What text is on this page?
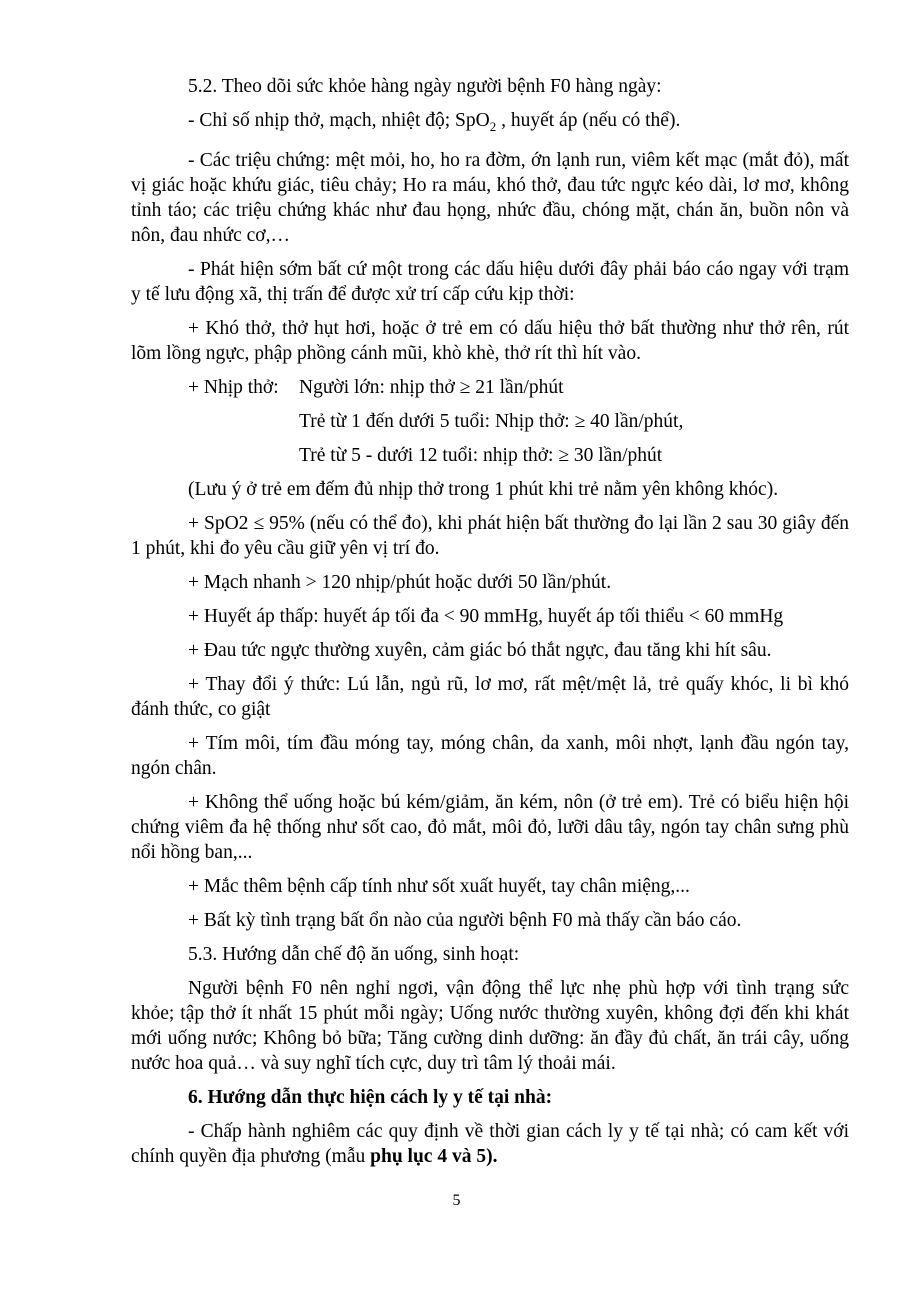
5.2. Theo dõi sức khỏe hàng ngày người bệnh F0 hàng ngày:

- Chỉ số nhịp thở, mạch, nhiệt độ; SpO$_2$ , huyết áp (nếu có thể).

- Các triệu chứng: mệt mỏi, ho, ho ra đờm, ớn lạnh run, viêm kết mạc (mắt đỏ), mất vị giác hoặc khứu giác, tiêu chảy; Ho ra máu, khó thở, đau tức ngực kéo dài, lơ mơ, không tỉnh táo; các triệu chứng khác như đau họng, nhức đầu, chóng mặt, chán ăn, buồn nôn và nôn, đau nhức cơ,…

- Phát hiện sớm bất cứ một trong các dấu hiệu dưới đây phải báo cáo ngay với trạm y tế lưu động xã, thị trấn để được xử trí cấp cứu kịp thời:

+ Khó thở, thở hụt hơi, hoặc ở trẻ em có dấu hiệu thở bất thường như thở rên, rút lõm lồng ngực, phập phồng cánh mũi, khò khè, thở rít thì hít vào.

+ Nhịp thở:	Người lớn: nhịp thở ≥ 21 lần/phút
Trẻ từ 1 đến dưới 5 tuổi: Nhịp thở: ≥ 40 lần/phút,
Trẻ từ 5 - dưới 12 tuổi: nhịp thở: ≥ 30 lần/phút

(Lưu ý ở trẻ em đếm đủ nhịp thở trong 1 phút khi trẻ nằm yên không khóc).

+ SpO2 ≤ 95% (nếu có thể đo), khi phát hiện bất thường đo lại lần 2 sau 30 giây đến 1 phút, khi đo yêu cầu giữ yên vị trí đo.

+ Mạch nhanh > 120 nhịp/phút hoặc dưới 50 lần/phút.

+ Huyết áp thấp: huyết áp tối đa < 90 mmHg, huyết áp tối thiểu < 60 mmHg

+ Đau tức ngực thường xuyên, cảm giác bó thắt ngực, đau tăng khi hít sâu.

+ Thay đổi ý thức: Lú lẫn, ngủ rũ, lơ mơ, rất mệt/mệt lả, trẻ quấy khóc, li bì khó đánh thức, co giật

+ Tím môi, tím đầu móng tay, móng chân, da xanh, môi nhợt, lạnh đầu ngón tay, ngón chân.

+ Không thể uống hoặc bú kém/giảm, ăn kém, nôn (ở trẻ em). Trẻ có biểu hiện hội chứng viêm đa hệ thống như sốt cao, đỏ mắt, môi đỏ, lưỡi dâu tây, ngón tay chân sưng phù nổi hồng ban,...

+ Mắc thêm bệnh cấp tính như sốt xuất huyết, tay chân miệng,...

+ Bất kỳ tình trạng bất ổn nào của người bệnh F0 mà thấy cần báo cáo.

5.3. Hướng dẫn chế độ ăn uống, sinh hoạt:

Người bệnh F0 nên nghỉ ngơi, vận động thể lực nhẹ phù hợp với tình trạng sức khỏe; tập thở ít nhất 15 phút mỗi ngày; Uống nước thường xuyên, không đợi đến khi khát mới uống nước; Không bỏ bữa; Tăng cường dinh dưỡng: ăn đầy đủ chất, ăn trái cây, uống nước hoa quả… và suy nghĩ tích cực, duy trì tâm lý thoải mái.

6. Hướng dẫn thực hiện cách ly y tế tại nhà:

- Chấp hành nghiêm các quy định về thời gian cách ly y tế tại nhà; có cam kết với chính quyền địa phương (mẫu phụ lục 4 và 5).

5
